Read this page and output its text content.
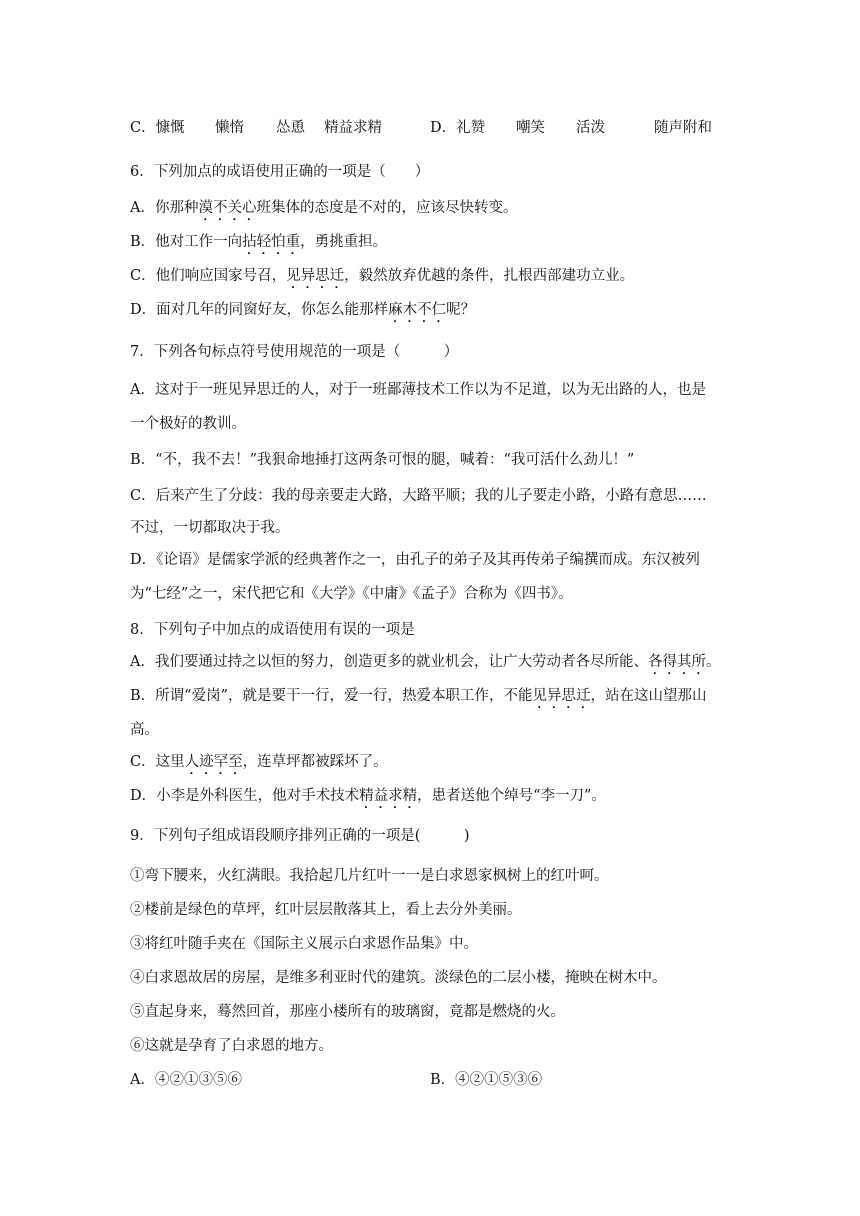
C．慷慨 懒惰 怂恿 精益求精	D．礼赞 嘲笑 活泼	随声附和
6．下列加点的成语使用正确的一项是（　　）
A．你那种漠不关心班集体的态度是不对的，应该尽快转变。
B．他对工作一向拈轻怕重，勇挑重担。
C．他们响应国家号召，见异思迁，毅然放弃优越的条件，扎根西部建功立业。
D．面对几年的同窗好友，你怎么能那样麻木不仁呢？
7．下列各句标点符号使用规范的一项是（　　　）
A．这对于一班见异思迁的人，对于一班鄙薄技术工作以为不足道，以为无出路的人，也是
一个极好的教训。
B．“不，我不去！”我狠命地捶打这两条可恨的腿，喊着：“我可活什么劲儿！”
C．后来产生了分歧：我的母亲要走大路，大路平顺；我的儿子要走小路，小路有意思……
不过，一切都取决于我。
D．《论语》是儒家学派的经典著作之一，由孔子的弟子及其再传弟子编撰而成。东汉被列
为“七经”之一，宋代把它和《大学》《中庸》《孟子》合称为《四书》。
8．下列句子中加点的成语使用有误的一项是
A．我们要通过持之以恒的努力，创造更多的就业机会，让广大劳动者各尽所能、各得其所。
B．所谓“爱岗”，就是要干一行，爱一行，热爱本职工作，不能见异思迁，站在这山望那山
高。
C．这里人迹罕至，连草坪都被踩坏了。
D．小李是外科医生，他对手术技术精益求精，患者送他个绰号“李一刀”。
9．下列句子组成语段顺序排列正确的一项是(　　　)
①弯下腰来，火红满眼。我拾起几片红叶一一是白求恩家枫树上的红叶呵。
②楼前是绿色的草坪，红叶层层散落其上，看上去分外美丽。
③将红叶随手夹在《国际主义展示白求恩作品集》中。
④白求恩故居的房屋，是维多利亚时代的建筑。淡绿色的二层小楼，掩映在树木中。
⑤直起身来，蓦然回首，那座小楼所有的玻璃窗，竟都是燃烧的火。
⑥这就是孕育了白求恩的地方。
A．④②①③⑤⑥	B．④②①⑤③⑥
